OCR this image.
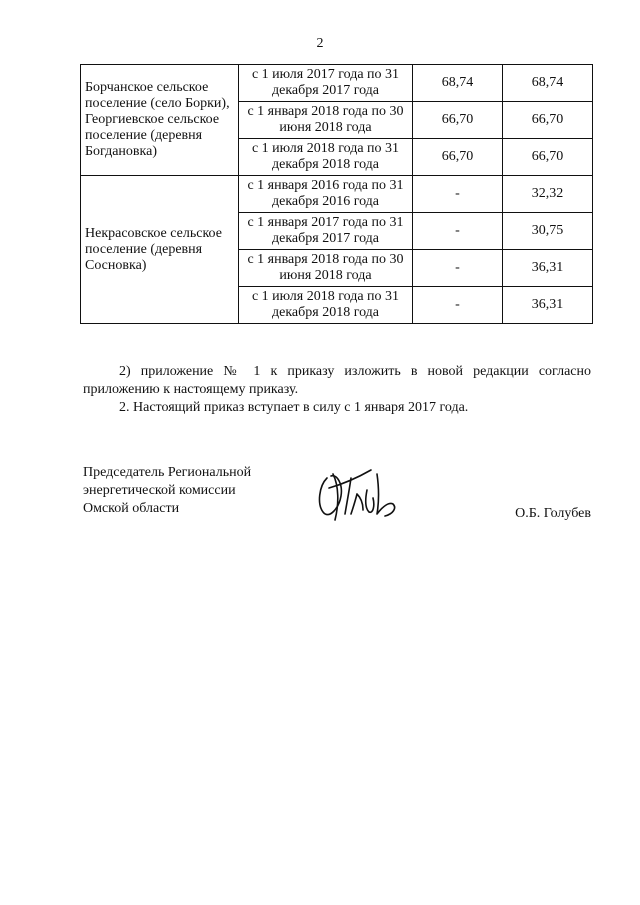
2
Борчанское сельское поселение (село Борки), Георгиевское сельское поселение (деревня Богдановка)	с 1 июля 2017 года по 31 декабря 2017 года	68,74	68,74
	с 1 января 2018 года по 30 июня 2018 года	66,70	66,70
	с 1 июля 2018 года по 31 декабря 2018 года	66,70	66,70
Некрасовское сельское поселение (деревня Сосновка)	с 1 января 2016 года по 31 декабря 2016 года	-	32,32
	с 1 января 2017 года по 31 декабря 2017 года	-	30,75
	с 1 января 2018 года по 30 июня 2018 года	-	36,31
	с 1 июля 2018 года по 31 декабря 2018 года	-	36,31

2) приложение № 1 к приказу изложить в новой редакции согласно приложению к настоящему приказу.

2. Настоящий приказ вступает в силу с 1 января 2017 года.

Председатель Региональной
энергетической комиссии
Омской области	О.Б. Голубев
